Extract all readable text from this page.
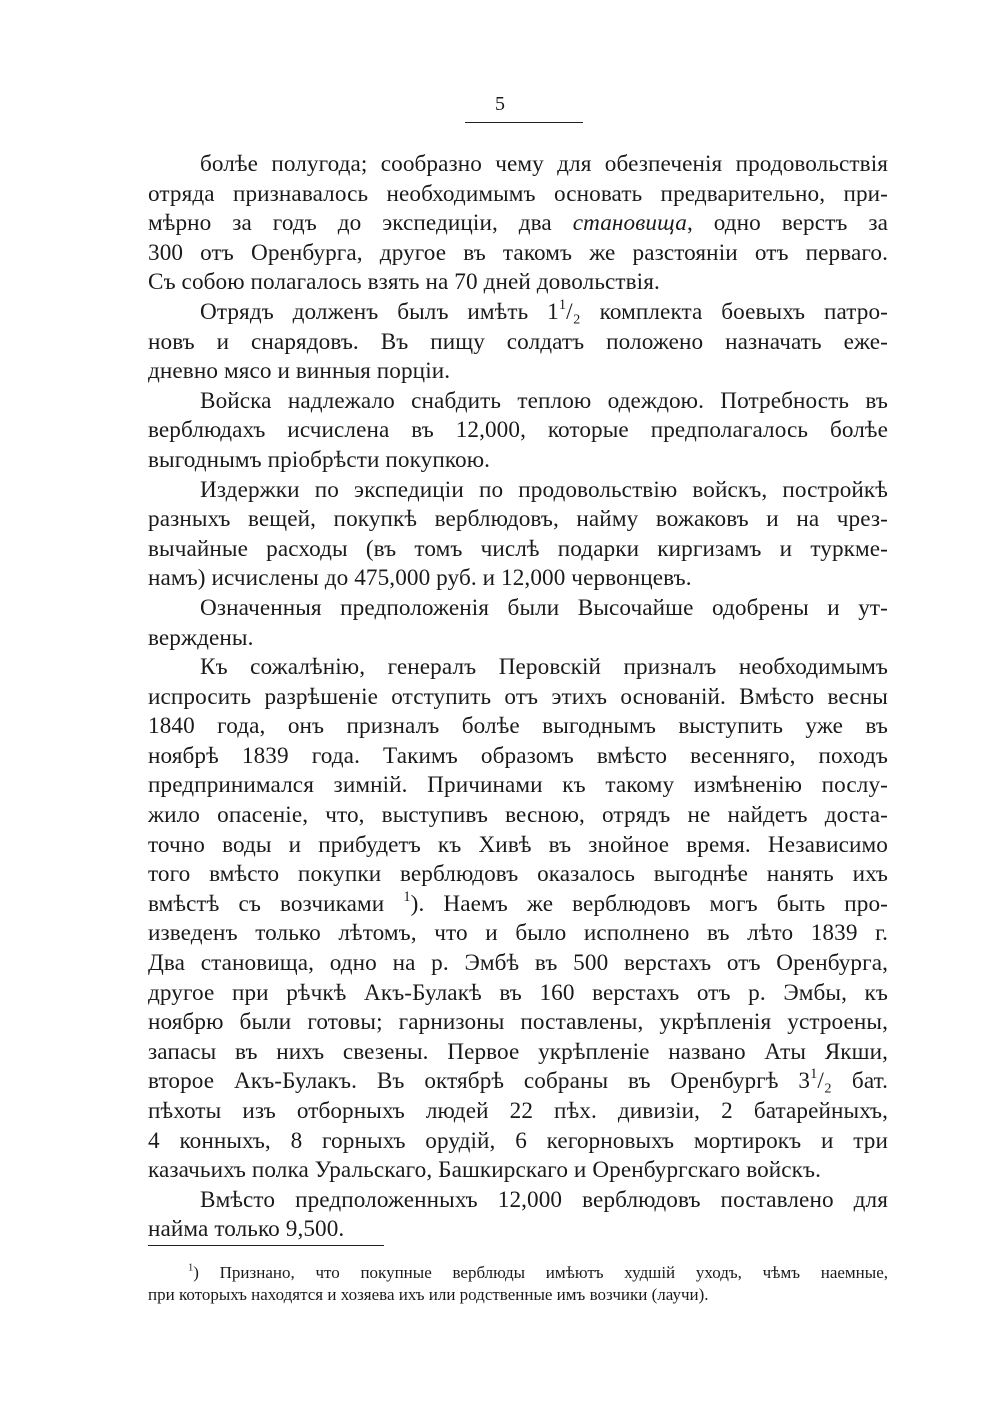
5
болѣе полугода; сообразно чему для обезпеченія продовольствія
отряда признавалось необходимымъ основать предварительно, при-
мѣрно за годъ до экспедиціи, два становища, одно верстъ за
300 отъ Оренбурга, другое въ такомъ же разстояніи отъ перваго.
Съ собою полагалось взять на 70 дней довольствія.
Отрядъ долженъ былъ имѣть $1^1/_2$ комплекта боевыхъ патро-
новъ и снарядовъ. Въ пищу солдатъ положено назначать еже-
дневно мясо и винныя порціи.
Войска надлежало снабдить теплою одеждою. Потребность въ
верблюдахъ исчислена въ 12,000, которые предполагалось болѣе
выгоднымъ пріобрѣсти покупкою.
Издержки по экспедиціи по продовольствію войскъ, постройкѣ
разныхъ вещей, покупкѣ верблюдовъ, найму вожаковъ и на чрез-
вычайные расходы (въ томъ числѣ подарки киргизамъ и туркме-
намъ) исчислены до 475,000 руб. и 12,000 червонцевъ.
Означенныя предположенія были Высочайше одобрены и ут-
верждены.
Къ сожалѣнію, генералъ Перовскій призналъ необходимымъ
испросить разрѣшеніе отступить отъ этихъ основаній. Вмѣсто весны
1840 года, онъ призналъ болѣе выгоднымъ выступить уже въ
ноябрѣ 1839 года. Такимъ образомъ вмѣсто весенняго, походъ
предпринимался зимній. Причинами къ такому измѣненію послу-
жило опасеніе, что, выступивъ весною, отрядъ не найдетъ доста-
точно воды и прибудетъ къ Хивѣ въ знойное время. Независимо
того вмѣсто покупки верблюдовъ оказалось выгоднѣе нанять ихъ
вмѣстѣ съ возчиками $^1$). Наемъ же верблюдовъ могъ быть про-
изведенъ только лѣтомъ, что и было исполнено въ лѣто 1839 г.
Два становища, одно на р. Эмбѣ въ 500 верстахъ отъ Оренбурга,
другое при рѣчкѣ Акъ-Булакѣ въ 160 верстахъ отъ р. Эмбы, къ
ноябрю были готовы; гарнизоны поставлены, укрѣпленія устроены,
запасы въ нихъ свезены. Первое укрѣпленіе названо Аты Якши,
второе Акъ-Булакъ. Въ октябрѣ собраны въ Оренбургѣ $3^1/_2$ бат.
пѣхоты изъ отборныхъ людей 22 пѣх. дивизіи, 2 батарейныхъ,
4 конныхъ, 8 горныхъ орудій, 6 кегорновыхъ мортирокъ и три
казачьихъ полка Уральскаго, Башкирскаго и Оренбургскаго войскъ.
Вмѣсто предположенныхъ 12,000 верблюдовъ поставлено для
найма только 9,500.
$^1$) Признано, что покупные верблюды имѣютъ худшій уходъ, чѣмъ наемные,
при которыхъ находятся и хозяева ихъ или родственные имъ возчики (лаучи).
